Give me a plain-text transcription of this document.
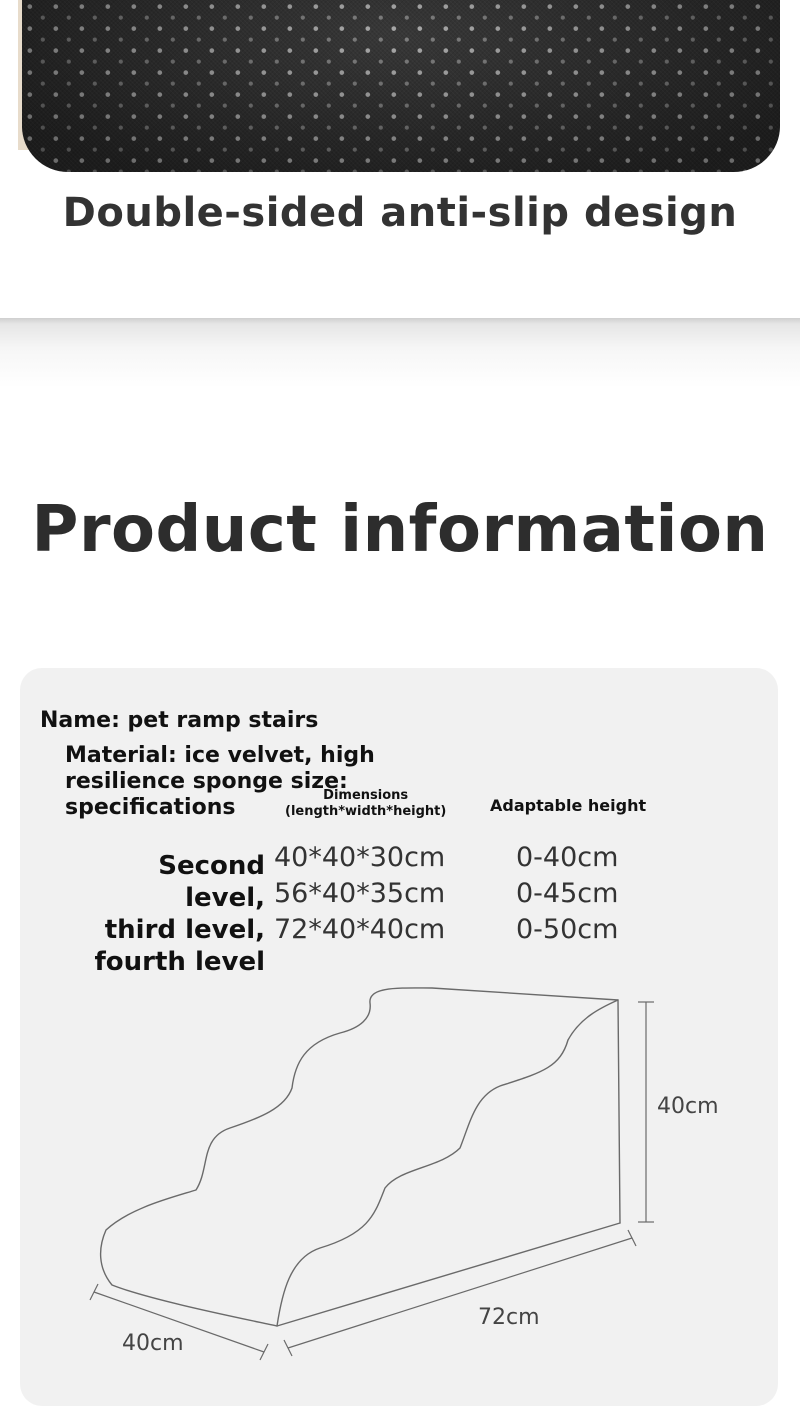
Double-sided anti-slip design
Product information
Name: pet ramp stairs
Material: ice velvet, high resilience sponge size: specifications	Dimensions
(length*width*height)	Adaptable height
Second level,
third level,
fourth level
40*40*30cm
56*40*35cm
72*40*40cm
0-40cm
0-45cm
0-50cm
40cm
72cm
40cm
